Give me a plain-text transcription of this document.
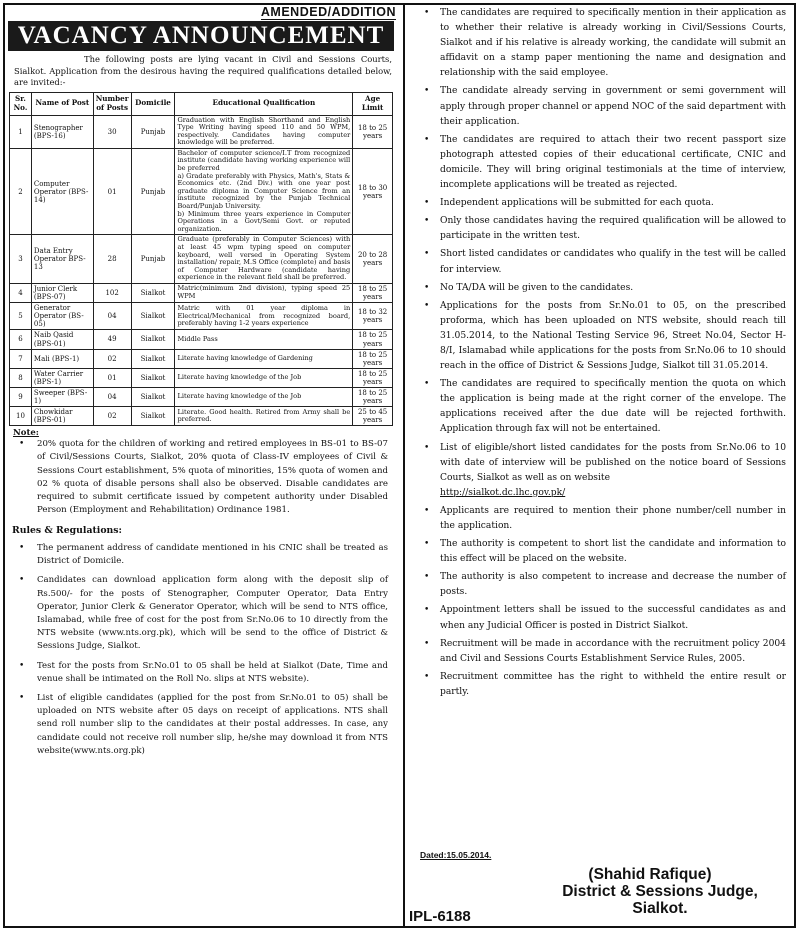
AMENDED/ADDITION
VACANCY ANNOUNCEMENT
The following posts are lying vacant in Civil and Sessions Courts, Sialkot. Application from the desirous having the required qualifications detailed below, are invited:-
Sr. No.	Name of Post	Number of Posts	Domicile	Educational Qualification	Age Limit
1	Stenographer (BPS-16)	30	Punjab	Graduation with English Shorthand and English Type Writing having speed 110 and 50 WPM, respectively. Candidates having computer knowledge will be preferred.	18 to 25 years
2	Computer Operator (BPS-14)	01	Punjab	Bachelor of computer science/I.T from recognized institute (candidate having working experience will be preferred
a) Gradate preferably with Physics, Math's, Stats & Economics etc. (2nd Div.) with one year post graduate diploma in Computer Science from an institute recognized by the Punjab Technical Board/Punjab University.
b) Minimum three years experience in Computer Operations in a Govt/Semi Govt. or reputed organization.	18 to 30 years
3	Data Entry Operator BPS-13	28	Punjab	Graduate (preferably in Computer Sciences) with at least 45 wpm typing speed on computer keyboard, well versed in Operating System installation/ repair, M.S Office (complete) and basis of Computer Hardware (candidate having experience in the relevant field shall be preferred.	20 to 28 years
4	Junior Clerk (BPS-07)	102	Sialkot	Matric(minimum 2nd division), typing speed 25 WPM	18 to 25 years
5	Generator Operator (BS-05)	04	Sialkot	Matric with 01 year diploma in Electrical/Mechanical from recognized board, preferably having 1-2 years experience	18 to 32 years
6	Naib Qasid (BPS-01)	49	Sialkot	Middle Pass	18 to 25 years
7	Mali (BPS-1)	02	Sialkot	Literate having knowledge of Gardening	18 to 25 years
8	Water Carrier (BPS-1)	01	Sialkot	Literate having knowledge of the Job	18 to 25 years
9	Sweeper (BPS-1)	04	Sialkot	Literate having knowledge of the Job	18 to 25 years
10	Chowkidar (BPS-01)	02	Sialkot	Literate. Good health. Retired from Army shall be preferred.	25 to 45 years
Note:
• 20% quota for the children of working and retired employees in BS-01 to BS-07 of Civil/Sessions Courts, Sialkot, 20% quota of Class-IV employees of Civil & Sessions Court establishment, 5% quota of minorities, 15% quota of women and 02 % quota of disable persons shall also be observed. Disable candidates are required to submit certificate issued by competent authority under Disabled Person (Employment and Rehabilitation) Ordinance 1981.
Rules & Regulations:
• The permanent address of candidate mentioned in his CNIC shall be treated as District of Domicile.
• Candidates can download application form along with the deposit slip of Rs.500/- for the posts of Stenographer, Computer Operator, Data Entry Operator, Junior Clerk & Generator Operator, which will be send to NTS office, Islamabad, while free of cost for the post from Sr.No.06 to 10 directly from the NTS website (www.nts.org.pk), which will be send to the office of District & Sessions Judge, Sialkot.
• Test for the posts from Sr.No.01 to 05 shall be held at Sialkot (Date, Time and venue shall be intimated on the Roll No. slips at NTS website).
• List of eligible candidates (applied for the post from Sr.No.01 to 05) shall be uploaded on NTS website after 05 days on receipt of applications. NTS shall send roll number slip to the candidates at their postal addresses. In case, any candidate could not receive roll number slip, he/she may download it from NTS website(www.nts.org.pk)
• The candidates are required to specifically mention in their application as to whether their relative is already working in Civil/Sessions Courts, Sialkot and if his relative is already working, the candidate will submit an affidavit on a stamp paper mentioning the name and designation and relationship with the said employee.
• The candidate already serving in government or semi government will apply through proper channel or append NOC of the said department with their application.
• The candidates are required to attach their two recent passport size photograph attested copies of their educational certificate, CNIC and domicile. They will bring original testimonials at the time of interview, incomplete applications will be treated as rejected.
• Independent applications will be submitted for each quota.
• Only those candidates having the required qualification will be allowed to participate in the written test.
• Short listed candidates or candidates who qualify in the test will be called for interview.
• No TA/DA will be given to the candidates.
• Applications for the posts from Sr.No.01 to 05, on the prescribed proforma, which has been uploaded on NTS website, should reach till 31.05.2014, to the National Testing Service 96, Street No.04, Sector H-8/I, Islamabad while applications for the posts from Sr.No.06 to 10 should reach in the office of District & Sessions Judge, Sialkot till 31.05.2014.
• The candidates are required to specifically mention the quota on which the application is being made at the right corner of the envelope. The applications received after the due date will be rejected forthwith. Application through fax will not be entertained.
• List of eligible/short listed candidates for the posts from Sr.No.06 to 10 with date of interview will be published on the notice board of Sessions Courts, Sialkot as well as on website
http://sialkot.dc.lhc.gov.pk/
• Applicants are required to mention their phone number/cell number in the application.
• The authority is competent to short list the candidate and information to this effect will be placed on the website.
• The authority is also competent to increase and decrease the number of posts.
• Appointment letters shall be issued to the successful candidates as and when any Judicial Officer is posted in District Sialkot.
• Recruitment will be made in accordance with the recruitment policy 2004 and Civil and Sessions Courts Establishment Service Rules, 2005.
• Recruitment committee has the right to withheld the entire result or partly.
Dated:15.05.2014.
(Shahid Rafique)
District & Sessions Judge,
Sialkot.
IPL-6188
